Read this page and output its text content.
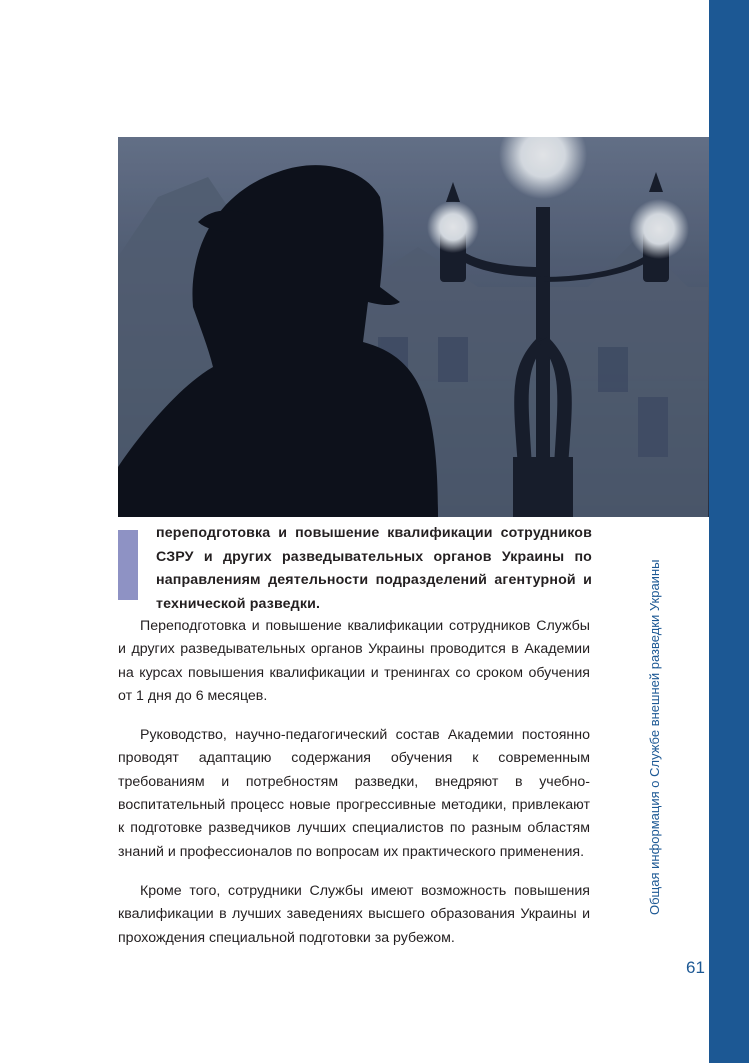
Общая информация о Службе внешней разведки Украины
61
переподготовка и повышение квалификации сотрудников СЗРУ и других разведывательных органов Украины по направлениям деятельности подразделений агентурной и технической разведки.

Переподготовка и повышение квалификации сотрудников Службы и других разведывательных органов Украины проводится в Академии на курсах повышения квалификации и тренингах со сроком обучения от 1 дня до 6 месяцев.

Руководство, научно-педагогический состав Академии постоянно проводят адаптацию содержания обучения к современным требованиям и потребностям разведки, внедряют в учебно-воспитательный процесс новые прогрессивные методики, привлекают к подготовке разведчиков лучших специалистов по разным областям знаний и профессионалов по вопросам их практического применения.

Кроме того, сотрудники Службы имеют возможность повышения квалификации в лучших заведениях высшего образования Украины и прохождения специальной подготовки за рубежом.
